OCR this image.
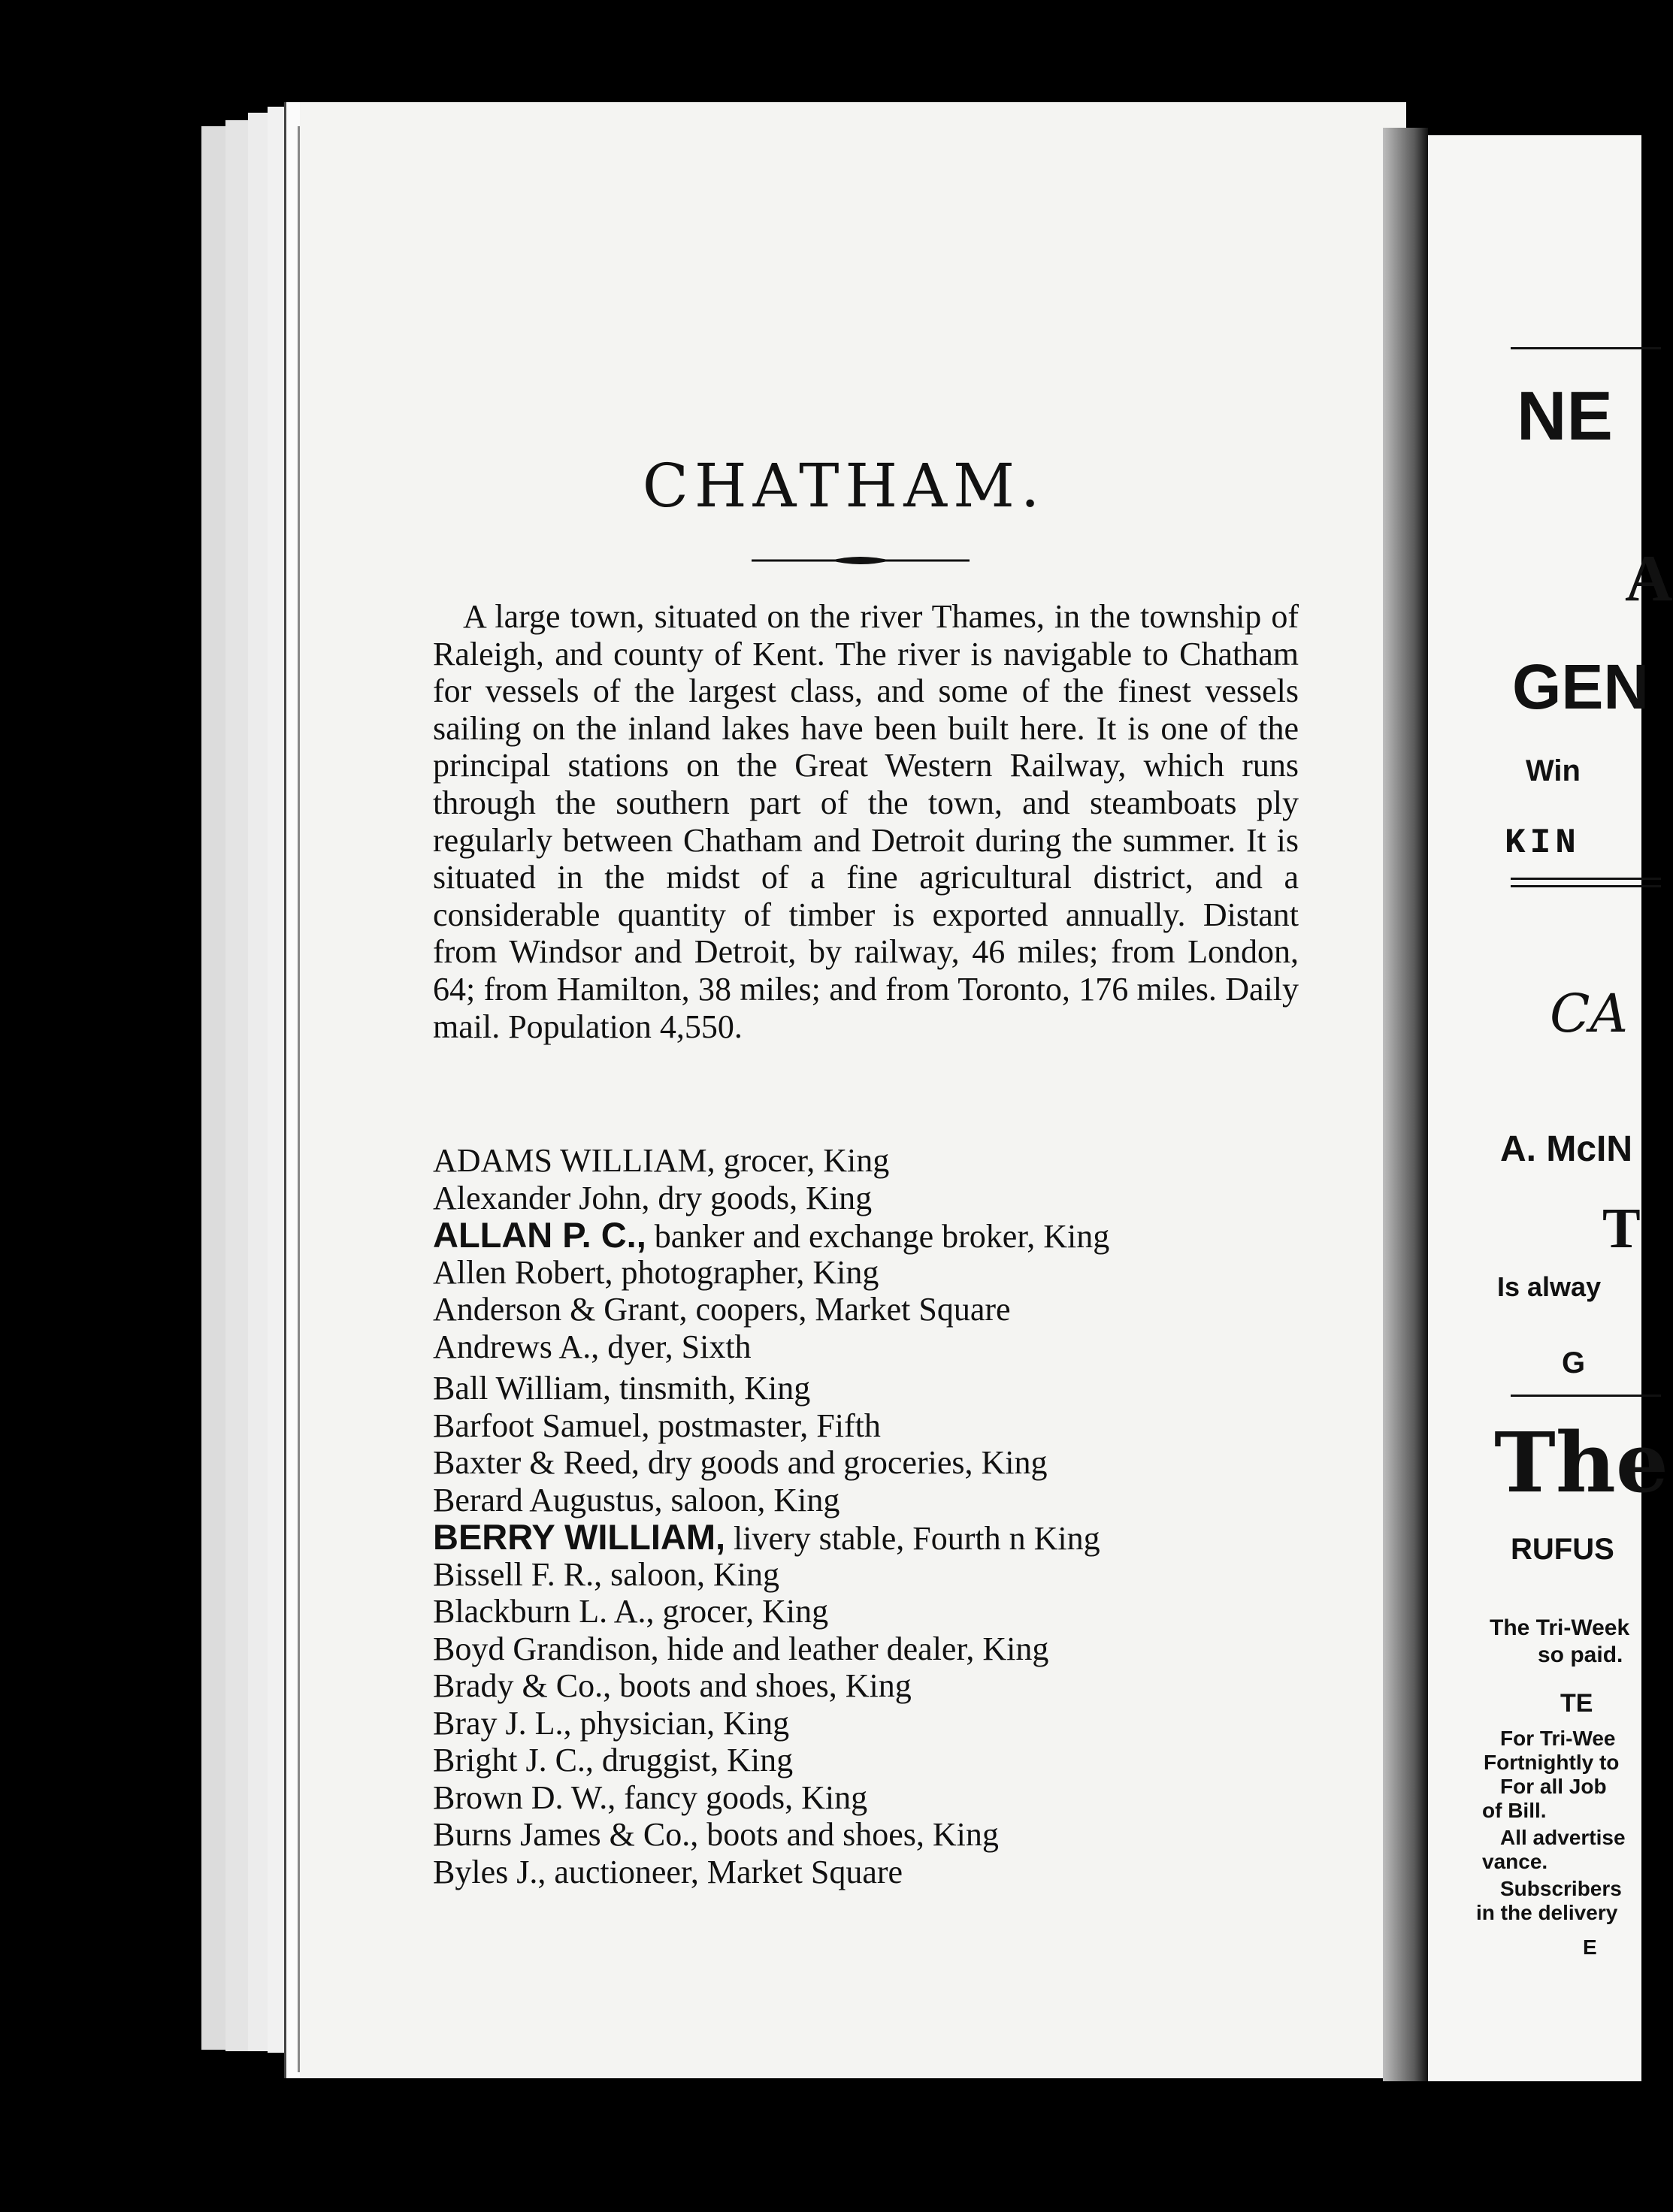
CHATHAM.
A large town, situated on the river Thames, in the township of Raleigh, and county of Kent. The river is navigable to Chatham for vessels of the largest class, and some of the finest vessels sailing on the inland lakes have been built here. It is one of the principal stations on the Great Western Railway, which runs through the southern part of the town, and steamboats ply regularly between Chatham and Detroit during the summer. It is situated in the midst of a fine agricultural district, and a considerable quantity of timber is exported annually. Distant from Windsor and Detroit, by railway, 46 miles; from London, 64; from Hamilton, 38 miles; and from Toronto, 176 miles. Daily mail. Population 4,550.
ADAMS WILLIAM, grocer, King
Alexander John, dry goods, King
ALLAN P. C., banker and exchange broker, King
Allen Robert, photographer, King
Anderson & Grant, coopers, Market Square
Andrews A., dyer, Sixth
Ball William, tinsmith, King
Barfoot Samuel, postmaster, Fifth
Baxter & Reed, dry goods and groceries, King
Berard Augustus, saloon, King
BERRY WILLIAM, livery stable, Fourth n King
Bissell F. R., saloon, King
Blackburn L. A., grocer, King
Boyd Grandison, hide and leather dealer, King
Brady & Co., boots and shoes, King
Bray J. L., physician, King
Bright J. C., druggist, King
Brown D. W., fancy goods, King
Burns James & Co., boots and shoes, King
Byles J., auctioneer, Market Square
NE
A
GEN
Win
KIN
CA
A. McIN
T
Is alway
G
The
RUFUS
The Tri-Week
so paid.
TE
For Tri-Wee
Fortnightly to
For all Job
of Bill.
All advertise
vance.
Subscribers
in the delivery
E
